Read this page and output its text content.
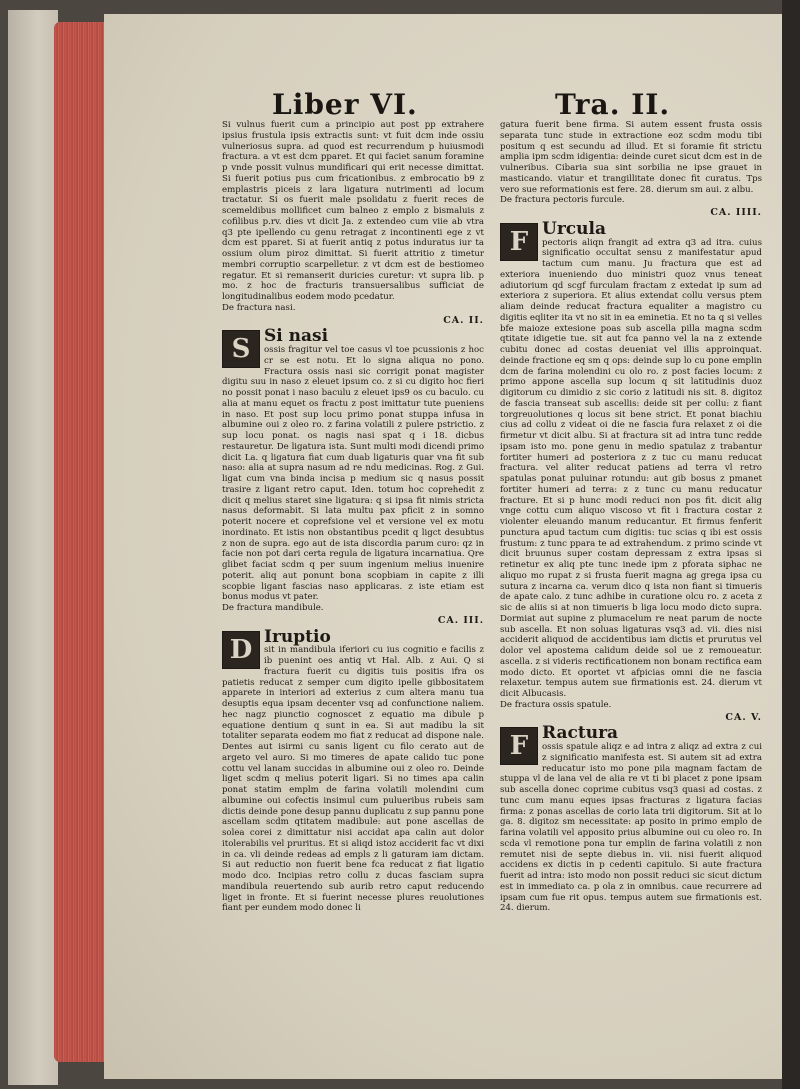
Liber VI.	Tra. II.

Si vulnus fuerit cum a principio aut post pp extrahere ipsius frustula ipsis extractis sunt: vt fuit dcm inde ossiu vulneriosus supra. ad quod est recurrendum p huiusmodi fractura. a vt est dcm pparet. Et qui faciet sanum foramine p vnde possit vulnus mundificari qui erit necesse dimittat. Si fuerit potius pus cum fricationibus. z embrocatio b9 z emplastris piceis z lara ligatura nutrimenti ad locum tractatur. Si os fuerit male psolidatu z fuerit reces de scemeldibus mollificet cum balneo z emplo z bismaluis z cofilibus p.rv. dies vt dicit Ja. z extendeo cum viie ab vtra q3 pte ipellendo cu genu retragat z incontinenti ege z vt dcm est pparet. Si at fuerit antiq z potus induratus iur ta ossium olum piroz dimittat. Si fuerit attritio z timetur membri corruptio scarpelletur. z vt dcm est de bestiomeo regatur. Et si remanserit duricies curetur: vt supra lib. p mo. z hoc de fracturis transuersalibus sufficiat de longitudinalibus eodem modo pcedatur.

De fractura nasi.

CA. II.
S Si nasi

ossis fragitur vel toe casus vl toe pcussionis z hoc cr se est notu. Et lo signa aliqua no pono. Fractura ossis nasi sic corrigit ponat magister digitu suu in naso z eleuet ipsum co. z si cu digito hoc fieri no possit ponat i naso baculu z eleuet ips9 os cu baculo. cu alia at manu equet os fractu z post imittatur tute pueniens in naso. Et post sup locu primo ponat stuppa infusa in albumine oui z oleo ro. z farina volatili z pulere pstrictio. z sup locu ponat. os nagis nasi spat q i 18. dicbus restauretur. De ligatura ista. Sunt multi modi dicendi primo dicit La. q ligatura fiat cum duab ligaturis quar vna fit sub naso: alia at supra nasum ad re ndu medicinas. Rog. z Gui. ligat cum vna binda incisa p medium sic q nasus possit trasire z ligant retro caput. Iden. totum hoc coprehedit z dicit q melius staret sine ligatura: q si ipsa fit nimis stricta nasus deformabit. Si lata multu pax pficit z in somno poterit nocere et coprefsione vel et versione vel ex motu inordinato. Et istis non obstantibus pcedit q ligct desubtus z non de supra. ego aut de ista discordia parum curo: qz in facie non pot dari certa regula de ligatura incarnatiua. Qre glibet faciat scdm q per suum ingenium melius inuenire poterit. aliq aut ponunt bona scopbiam in capite z illi scopbie ligant fascias naso applicaras. z iste etiam est bonus modus vt pater.

De fractura mandibule.

CA. III.
D Iruptio

sit in mandibula iferiori cu ius cognitio e facilis z ib puenint oes antiq vt Hal. Alb. z Aui. Q si fractura fuerit cu digitis tuis positis ifra os patietis reducat z semper cum digito ipelle gibbositatem apparete in interiori ad exterius z cum altera manu tua desuptis equa ipsam decenter vsq ad confunctione naliem. hec nagz piunctio cognoscet z equatio ma dibule p equatione dentium q sunt in ea. Si aut madibu la sit totaliter separata eodem mo fiat z reducat ad dispone nale. Dentes aut isirmi cu sanis ligent cu filo cerato aut de argeto vel auro. Si mo timeres de apate calido tuc pone cottu vel lanam succidas in albumine oui z oleo ro. Deinde liget scdm q melius poterit ligari. Si no times apa calin ponat statim emplm de farina volatili molendini cum albumine oui cofectis insimul cum pulueribus rubeis sam dictis deinde pone desup pannu duplicatu z sup pannu pone ascellam scdm qtitatem madibule: aut pone ascellas de solea corei z dimittatur nisi accidat apa calin aut dolor itolerabilis vel pruritus. Et si aliqd istoz acciderit fac vt dixi in ca. vli deinde redeas ad empls z li gaturam iam dictam. Si aut reductio non fuerit bene fca reducat z fiat ligatio modo dco. Incipias retro collu z ducas fasciam supra mandibula reuertendo sub aurib retro caput reducendo liget in fronte. Et si fuerint necesse plures reuolutiones fiant per eundem modo donec li

gatura fuerit bene firma. Si autem essent frusta ossis separata tunc stude in extractione eoz scdm modu tibi positum q est secundu ad illud. Et si foramie fit strictu amplia ipm scdm idigentia: deinde curet sicut dcm est in de vulneribus. Cibaria sua sint sorbilia ne ipse grauet in masticando. viatur et trangillitate donec fit curatus. Tps vero sue reformationis est fere. 28. dierum sm aui. z albu.

De fractura pectoris furcule.

CA. IIII.
F Urcula

pectoris aliqn frangit ad extra q3 ad itra. cuius significatio occultat sensu z manifestatur apud tactum cum manu. Ju fractura que est ad exteriora inueniendo duo ministri quoz vnus teneat adiutorium qd scgf furculam fractam z extedat ip sum ad exteriora z superiora. Et alius extendat collu versus ptem aliam deinde reducat fractura equaliter a magistro cu digitis eqliter ita vt no sit in ea eminetia. Et no ta q si velles bfe maioze extesione poas sub ascella pilla magna scdm qtitate idigetie tue. sit aut fca panno vel la na z extende cubitu donec ad costas deueniat vel illis approinquat. deinde fractione eq sm q ops: deinde sup lo cu pone emplin dcm de farina molendini cu olo ro. z post facies locum: z primo appone ascella sup locum q sit latitudinis duoz digitorum cu dimidio z sic corio z latitudi nis sit. 8. digitoz de fascia transeat sub ascellis: deide sit per collu: z fiant torgreuolutiones q locus sit bene strict. Et ponat biachiu cius ad collu z videat oi die ne fascia fura relaxet z oi die firmetur vt dicit albu. Si at fractura sit ad intra tunc redde ipsam isto mo. pone genu in medio spatulaz z trabantur fortiter humeri ad posteriora z z tuc cu manu reducat fractura. vel aliter reducat patiens ad terra vl retro spatulas ponat puluinar rotundu: aut gib bosus z pmanet fortiter humeri ad terra: z z tunc cu manu reducatur fracture. Et si p hunc modi reduci non pos fit. dicit alig vnge cottu cum aliquo viscoso vt fit i fractura costar z violenter eleuando manum reducantur. Et firmus fenferit punctura apud tactum cum digitis: tuc scias q ibi est ossis frustum: z tunc ppara te ad extrahendum. z primo scinde vt dicit bruunus super costam depressam z extra ipsas si retinetur ex aliq pte tunc inede ipm z pforata siphac ne aliquo mo rupat z si frusta fuerit magna ag grega ipsa cu sutura z incarna ca. verum dico q ista non fiant si timueris de apate calo. z tunc adhibe in curatione olcu ro. z aceta z sic de aliis si at non timueris b liga locu modo dicto supra. Dormiat aut supine z plumacelum re neat parum de nocte sub ascella. Et non soluas ligaturas vsq3 ad. vii. dies nisi acciderit aliquod de accidentibus iam dictis et prurutus vel dolor vel apostema calidum deide sol ue z remoueatur. ascella. z si videris rectificationem non bonam rectifica eam modo dicto. Et oportet vt afpicias omni die ne fascia relaxetur. tempus autem sue firmationis est. 24. dierum vt dicit Albucasis.

De fractura ossis spatule.

CA. V.
F Ractura

ossis spatule aliqz e ad intra z aliqz ad extra z cui z significatio manifesta est. Si autem sit ad extra reducatur isto mo pone pila magnam factam de stuppa vl de lana vel de alia re vt ti bi placet z pone ipsam sub ascella donec coprime cubitus vsq3 quasi ad costas. z tunc cum manu eques ipsas fracturas z ligatura facias firma: z ponas ascellas de corio lata trii digitorum. Sit at lo ga. 8. digitoz sm necessitate: ap posito in primo emplo de farina volatili vel apposito prius albumine oui cu oleo ro. In scda vl remotione pona tur emplin de farina volatili z non remutet nisi de septe diebus in. vii. nisi fuerit aliquod accidens ex dictis in p cedenti capitulo. Si aute fractura fuerit ad intra: isto modo non possit reduci sic sicut dictum est in immediato ca. p ola z in omnibus. caue recurrere ad ipsam cum fue rit opus. tempus autem sue firmationis est. 24. dierum.
